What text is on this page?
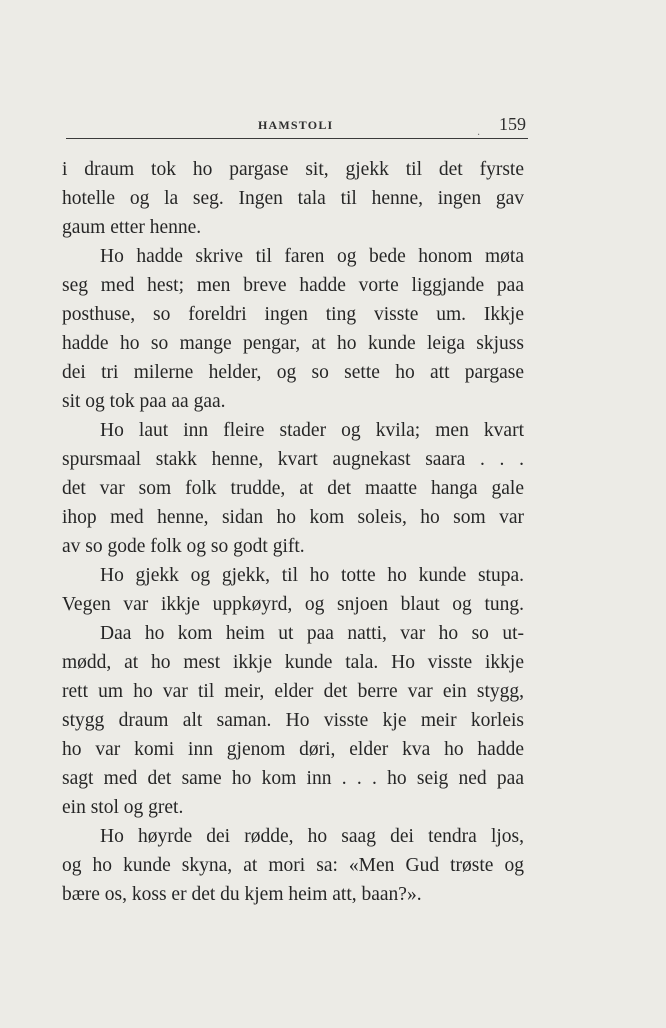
HAMSTOLI
. 159
i draum tok ho pargase sit, gjekk til det fyrste
hotelle og la seg. Ingen tala til henne, ingen gav
gaum etter henne.
Ho hadde skrive til faren og bede honom møta
seg med hest; men breve hadde vorte liggjande paa
posthuse, so foreldri ingen ting visste um. Ikkje
hadde ho so mange pengar, at ho kunde leiga skjuss
dei tri milerne helder, og so sette ho att pargase
sit og tok paa aa gaa.
Ho laut inn fleire stader og kvila; men kvart
spursmaal stakk henne, kvart augnekast saara . . .
det var som folk trudde, at det maatte hanga gale
ihop med henne, sidan ho kom soleis, ho som var
av so gode folk og so godt gift.
Ho gjekk og gjekk, til ho totte ho kunde stupa.
Vegen var ikkje uppkøyrd, og snjoen blaut og tung.
Daa ho kom heim ut paa natti, var ho so ut-
mødd, at ho mest ikkje kunde tala. Ho visste ikkje
rett um ho var til meir, elder det berre var ein stygg,
stygg draum alt saman. Ho visste kje meir korleis
ho var komi inn gjenom døri, elder kva ho hadde
sagt med det same ho kom inn . . . ho seig ned paa
ein stol og gret.
Ho høyrde dei rødde, ho saag dei tendra ljos,
og ho kunde skyna, at mori sa: «Men Gud trøste og
bære os, koss er det du kjem heim att, baan?».
